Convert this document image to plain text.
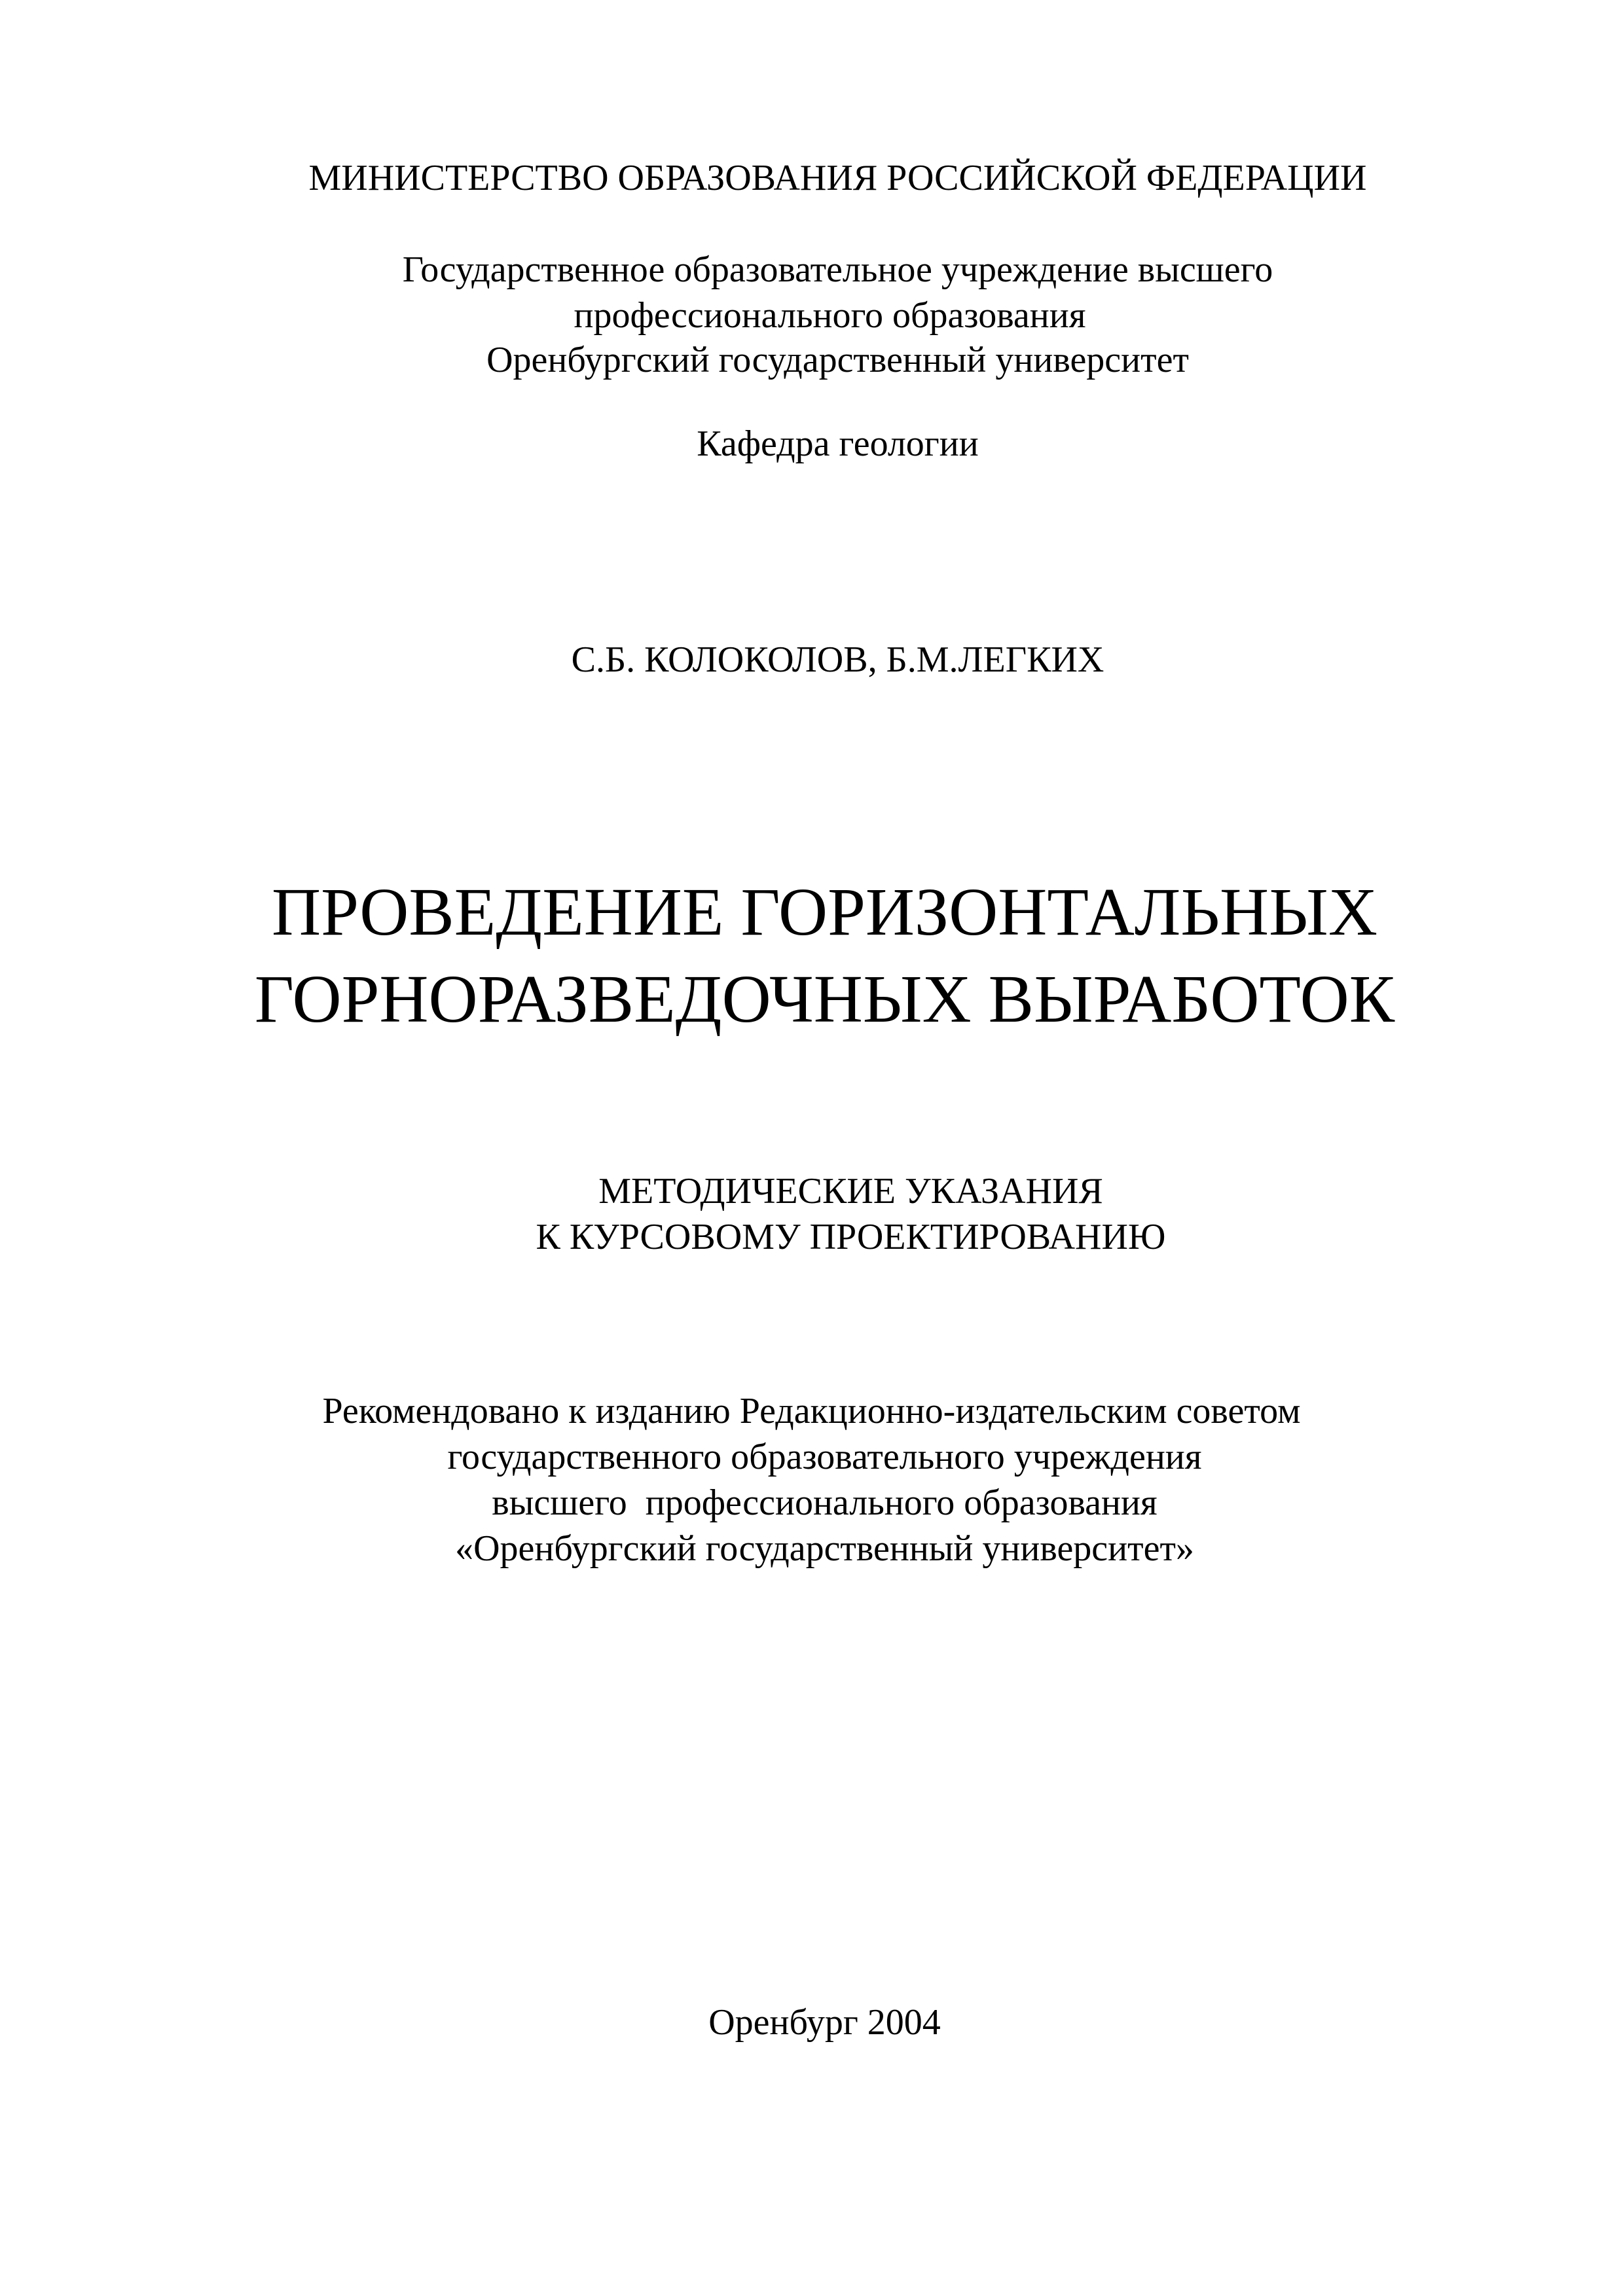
МИНИСТЕРСТВО ОБРАЗОВАНИЯ РОССИЙСКОЙ ФЕДЕРАЦИИ
Государственное образовательное учреждение высшего
профессионального образования
Оренбургский государственный университет
Кафедра геологии
С.Б. КОЛОКОЛОВ, Б.М.ЛЕГКИХ
ПРОВЕДЕНИЕ ГОРИЗОНТАЛЬНЫХ
ГОРНОРАЗВЕДОЧНЫХ ВЫРАБОТОК
МЕТОДИЧЕСКИЕ УКАЗАНИЯ
К КУРСОВОМУ ПРОЕКТИРОВАНИЮ
Рекомендовано к изданию Редакционно-издательским советом
государственного образовательного учреждения
высшего  профессионального образования
«Оренбургский государственный университет»
Оренбург 2004
